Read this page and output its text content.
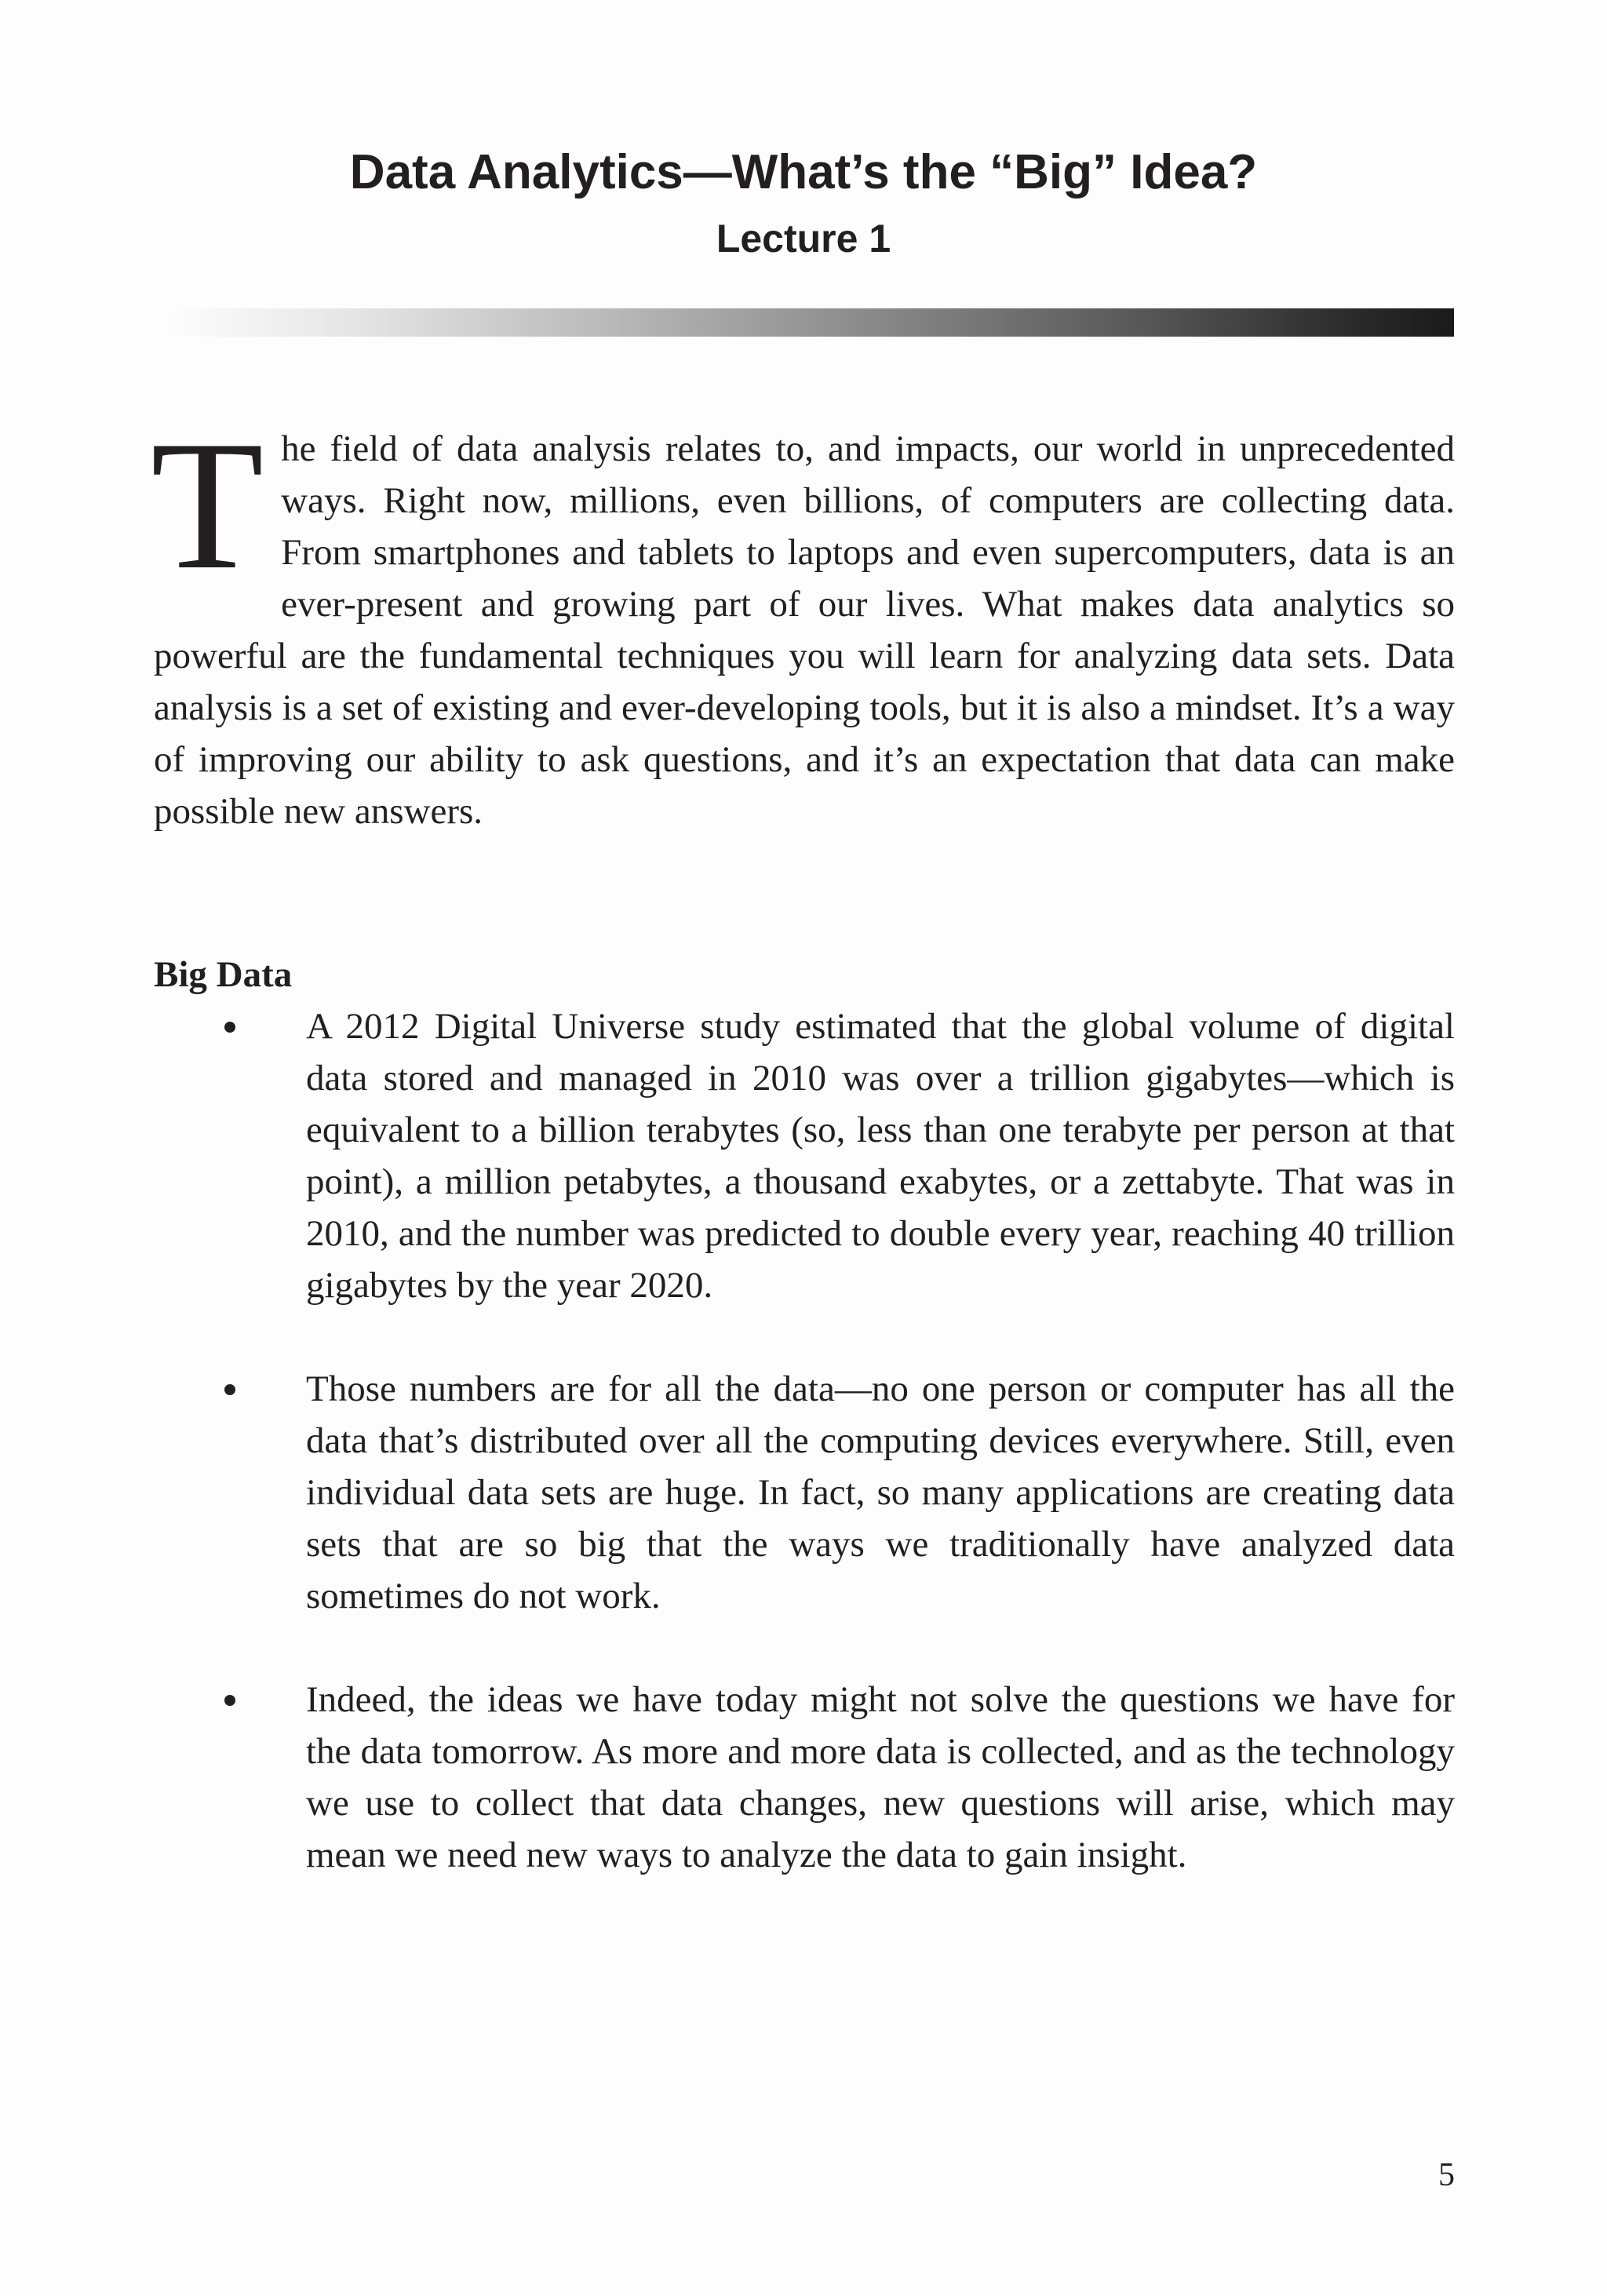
Data Analytics—What’s the “Big” Idea?
Lecture 1

The field of data analysis relates to, and impacts, our world in unprecedented ways. Right now, millions, even billions, of computers are collecting data. From smartphones and tablets to laptops and even supercomputers, data is an ever-present and growing part of our lives. What makes data analytics so powerful are the fundamental techniques you will learn for analyzing data sets. Data analysis is a set of existing and ever-developing tools, but it is also a mindset. It’s a way of improving our ability to ask questions, and it’s an expectation that data can make possible new answers.

Big Data
A 2012 Digital Universe study estimated that the global volume of digital data stored and managed in 2010 was over a trillion gigabytes—which is equivalent to a billion terabytes (so, less than one terabyte per person at that point), a million petabytes, a thousand exabytes, or a zettabyte. That was in 2010, and the number was predicted to double every year, reaching 40 trillion gigabytes by the year 2020.
Those numbers are for all the data—no one person or computer has all the data that’s distributed over all the computing devices everywhere. Still, even individual data sets are huge. In fact, so many applications are creating data sets that are so big that the ways we traditionally have analyzed data sometimes do not work.
Indeed, the ideas we have today might not solve the questions we have for the data tomorrow. As more and more data is collected, and as the technology we use to collect that data changes, new questions will arise, which may mean we need new ways to analyze the data to gain insight.

5
